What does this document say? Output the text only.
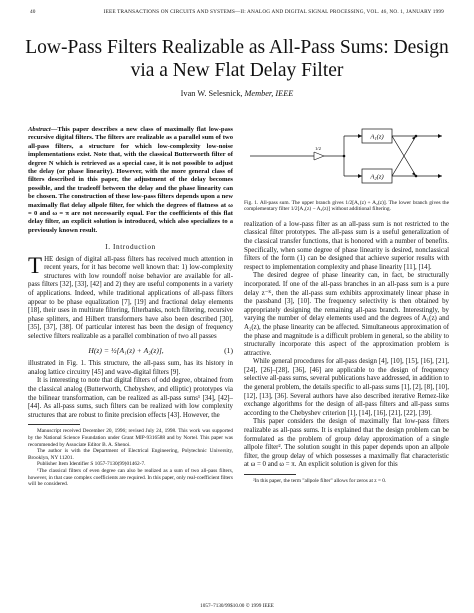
40	IEEE TRANSACTIONS ON CIRCUITS AND SYSTEMS—II: ANALOG AND DIGITAL SIGNAL PROCESSING, VOL. 46, NO. 1, JANUARY 1999
Low-Pass Filters Realizable as All-Pass Sums: Design via a New Flat Delay Filter
Ivan W. Selesnick, Member, IEEE
Abstract—This paper describes a new class of maximally flat low-pass recursive digital filters. The filters are realizable as a parallel sum of two all-pass filters, a structure for which low-complexity low-noise implementations exist. Note that, with the classical Butterworth filter of degree N which is retrieved as a special case, it is not possible to adjust the delay (or phase linearity). However, with the more general class of filters described in this paper, the adjustment of the delay becomes possible, and the tradeoff between the delay and the phase linearity can be chosen. The construction of these low-pass filters depends upon a new maximally flat delay allpole filter, for which the degrees of flatness at ω = 0 and ω = π are not necessarily equal. For the coefficients of this flat delay filter, an explicit solution is introduced, which also specializes to a previously known result.
I. Introduction

THE design of digital all-pass filters has received much attention in recent years, for it has become well known that: 1) low-complexity structures with low roundoff noise behavior are available for all-pass filters [32], [33], [42] and 2) they are useful components in a variety of applications. Indeed, while traditional applications of all-pass filters appear to be phase equalization [7], [19] and fractional delay elements [18], their uses in multirate filtering, filterbanks, notch filtering, recursive phase splitters, and Hilbert transformers have also been described [30], [35], [37], [38]. Of particular interest has been the design of frequency selective filters realizable as a parallel combination of two all passes

H(z) = ½[A₁(z) + A₂(z)],	(1)

illustrated in Fig. 1. This structure, the all-pass sum, has its history in analog lattice circuitry [45] and wave-digital filters [9].

It is interesting to note that digital filters of odd degree, obtained from the classical analog (Butterworth, Chebyshev, and elliptic) prototypes via the bilinear transformation, can be realized as all-pass sums¹ [34], [42]–[44]. As all-pass sums, such filters can be realized with low complexity structures that are robust to finite precision effects [43]. However, the

Manuscript received December 20, 1996; revised July 24, 1998. This work was supported by the National Science Foundation under Grant MIP-9316588 and by Nortel. This paper was recommended by Associate Editor B. A. Shenoi.

The author is with the Department of Electrical Engineering, Polytechnic University, Brooklyn, NY 11201.

Publisher Item Identifier S 1057-7130(99)01462-7.

¹The classical filters of even degree can also be realized as a sum of two all-pass filters, however, in that case complex coefficients are required. In this paper, only real-coefficient filters will be considered.

1/2
A₁(z)
A₂(z)

Fig. 1. All-pass sum. The upper branch gives 1/2[A₁(z) + A₂(z)]. The lower branch gives the complementary filter 1/2[A₁(z) − A₂(z)] without additional filtering.

realization of a low-pass filter as an all-pass sum is not restricted to the classical filter prototypes. The all-pass sum is a useful generalization of the classical transfer functions, that is honored with a number of benefits. Specifically, when some degree of phase linearity is desired, nonclassical filters of the form (1) can be designed that achieve superior results with respect to implementation complexity and phase linearity [11], [14].

The desired degree of phase linearity can, in fact, be structurally incorporated. If one of the all-pass branches in an all-pass sum is a pure delay z⁻ᴷ, then the all-pass sum exhibits approximately linear phase in the passband [3], [10]. The frequency selectivity is then obtained by appropriately designing the remaining all-pass branch. Interestingly, by varying the number of delay elements used and the degrees of A₁(z) and A₂(z), the phase linearity can be affected. Simultaneous approximation of the phase and magnitude is a difficult problem in general, so the ability to structurally incorporate this aspect of the approximation problem is attractive.

While general procedures for all-pass design [4], [10], [15], [16], [21], [24], [26]–[28], [36], [46] are applicable to the design of frequency selective all-pass sums, several publications have addressed, in addition to the general problem, the details specific to all-pass sums [1], [2], [8], [10], [12], [13], [36]. Several authors have also described iterative Remez-like exchange algorithms for the design of all-pass filters and all-pass sums according to the Chebyshev criterion [1], [14], [16], [21], [22], [39].

This paper considers the design of maximally flat low-pass filters realizable as all-pass sums. It is explained that the design problem can be formulated as the problem of group delay approximation of a single allpole filter². The solution sought in this paper depends upon an allpole filter, the group delay of which possesses a maximally flat characteristic at ω = 0 and ω = π. An explicit solution is given for this

²In this paper, the term "allpole filter" allows for zeros at z = 0.

1057–7130/99$10.00 © 1999 IEEE
